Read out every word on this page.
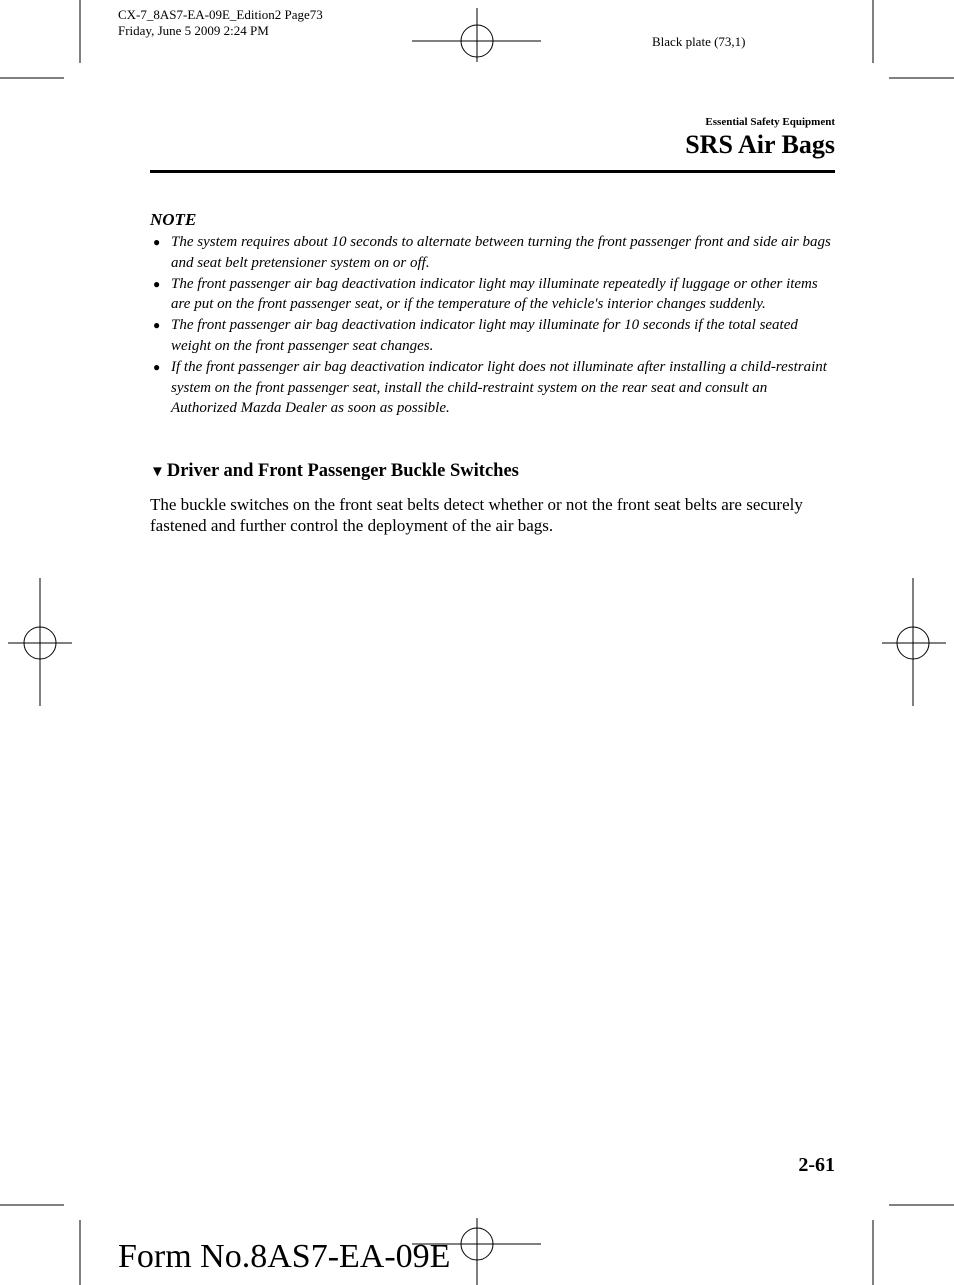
CX-7_8AS7-EA-09E_Edition2 Page73
Friday, June 5 2009 2:24 PM
Black plate (73,1)
Essential Safety Equipment
SRS Air Bags
NOTE
● The system requires about 10 seconds to alternate between turning the front passenger front and side air bags and seat belt pretensioner system on or off.
● The front passenger air bag deactivation indicator light may illuminate repeatedly if luggage or other items are put on the front passenger seat, or if the temperature of the vehicle's interior changes suddenly.
● The front passenger air bag deactivation indicator light may illuminate for 10 seconds if the total seated weight on the front passenger seat changes.
● If the front passenger air bag deactivation indicator light does not illuminate after installing a child-restraint system on the front passenger seat, install the child-restraint system on the rear seat and consult an Authorized Mazda Dealer as soon as possible.
▼ Driver and Front Passenger Buckle Switches
The buckle switches on the front seat belts detect whether or not the front seat belts are securely fastened and further control the deployment of the air bags.
2-61
Form No.8AS7-EA-09E
